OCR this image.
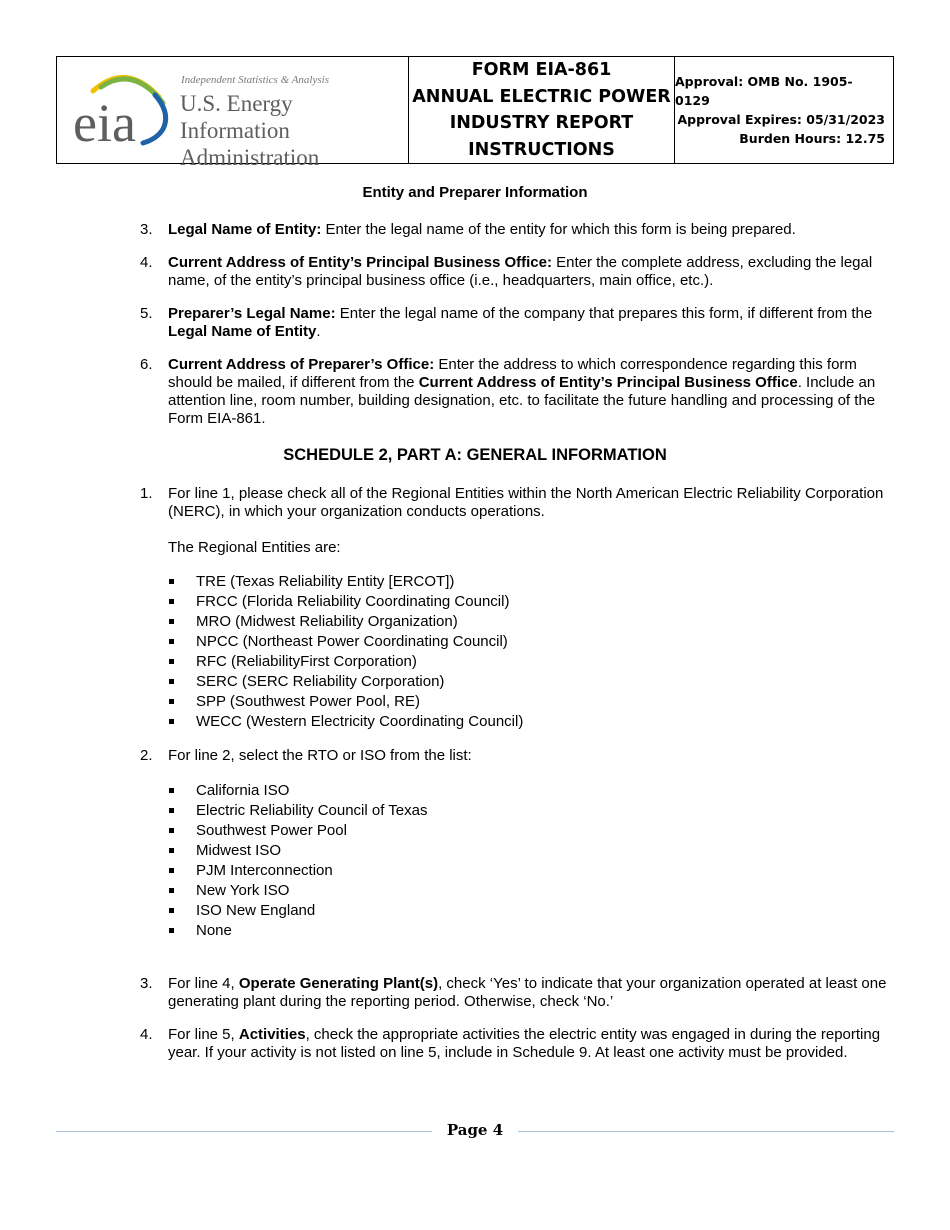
eia
Independent Statistics & Analysis
U.S. Energy Information
Administration
FORM EIA-861
ANNUAL ELECTRIC POWER
INDUSTRY REPORT
INSTRUCTIONS
Approval: OMB No. 1905-0129
Approval Expires: 05/31/2023
Burden Hours: 12.75
Entity and Preparer Information
3. Legal Name of Entity: Enter the legal name of the entity for which this form is being prepared.
4. Current Address of Entity’s Principal Business Office: Enter the complete address, excluding the legal name, of the entity’s principal business office (i.e., headquarters, main office, etc.).
5. Preparer’s Legal Name: Enter the legal name of the company that prepares this form, if different from the Legal Name of Entity.
6. Current Address of Preparer’s Office: Enter the address to which correspondence regarding this form should be mailed, if different from the Current Address of Entity’s Principal Business Office. Include an attention line, room number, building designation, etc. to facilitate the future handling and processing of the Form EIA-861.
SCHEDULE 2, PART A: GENERAL INFORMATION
1. For line 1, please check all of the Regional Entities within the North American Electric Reliability Corporation (NERC), in which your organization conducts operations.
The Regional Entities are:
TRE (Texas Reliability Entity [ERCOT])
FRCC (Florida Reliability Coordinating Council)
MRO (Midwest Reliability Organization)
NPCC (Northeast Power Coordinating Council)
RFC (ReliabilityFirst Corporation)
SERC (SERC Reliability Corporation)
SPP (Southwest Power Pool, RE)
WECC (Western Electricity Coordinating Council)
2. For line 2, select the RTO or ISO from the list:
California ISO
Electric Reliability Council of Texas
Southwest Power Pool
Midwest ISO
PJM Interconnection
New York ISO
ISO New England
None
3. For line 4, Operate Generating Plant(s), check ‘Yes’ to indicate that your organization operated at least one generating plant during the reporting period. Otherwise, check ‘No.’
4. For line 5, Activities, check the appropriate activities the electric entity was engaged in during the reporting year. If your activity is not listed on line 5, include in Schedule 9. At least one activity must be provided.
Page 4
